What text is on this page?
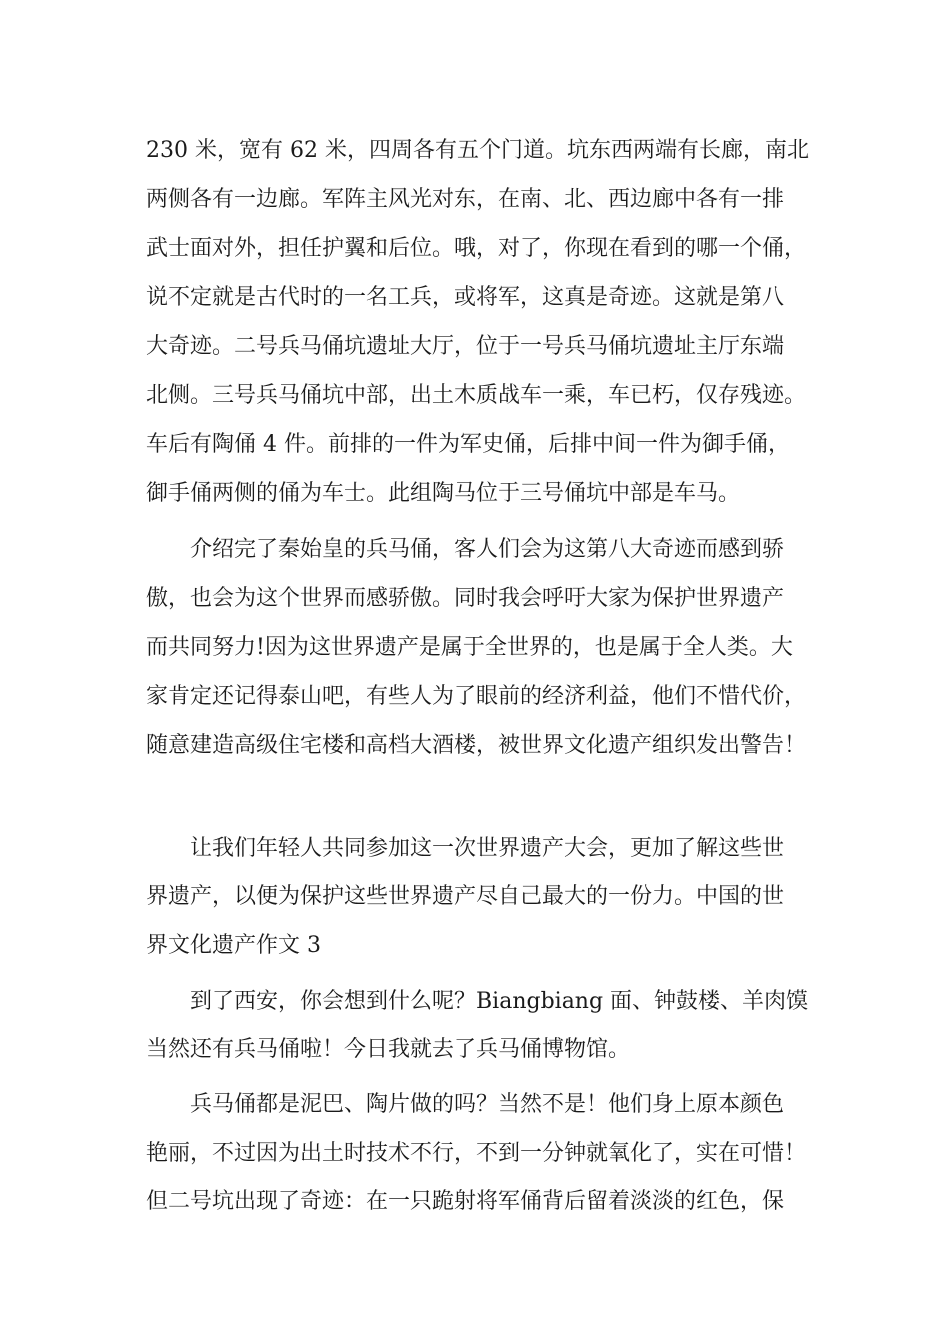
230 米，宽有 62 米，四周各有五个门道。坑东西两端有长廊，南北
两侧各有一边廊。军阵主风光对东，在南、北、西边廊中各有一排
武士面对外，担任护翼和后位。哦，对了，你现在看到的哪一个俑，
说不定就是古代时的一名工兵，或将军，这真是奇迹。这就是第八
大奇迹。二号兵马俑坑遗址大厅，位于一号兵马俑坑遗址主厅东端
北侧。三号兵马俑坑中部，出土木质战车一乘，车已朽，仅存残迹。
车后有陶俑 4 件。前排的一件为军史俑，后排中间一件为御手俑，
御手俑两侧的俑为车士。此组陶马位于三号俑坑中部是车马。
　　介绍完了秦始皇的兵马俑，客人们会为这第八大奇迹而感到骄
傲，也会为这个世界而感骄傲。同时我会呼吁大家为保护世界遗产
而共同努力!因为这世界遗产是属于全世界的，也是属于全人类。大
家肯定还记得泰山吧，有些人为了眼前的经济利益，他们不惜代价，
随意建造高级住宅楼和高档大酒楼，被世界文化遗产组织发出警告！
　　让我们年轻人共同参加这一次世界遗产大会，更加了解这些世
界遗产，以便为保护这些世界遗产尽自己最大的一份力。中国的世
界文化遗产作文 3
　　到了西安，你会想到什么呢？Biangbiang 面、钟鼓楼、羊肉馍
当然还有兵马俑啦！今日我就去了兵马俑博物馆。
　　兵马俑都是泥巴、陶片做的吗？当然不是！他们身上原本颜色
艳丽，不过因为出土时技术不行，不到一分钟就氧化了，实在可惜！
但二号坑出现了奇迹：在一只跪射将军俑背后留着淡淡的红色，保
